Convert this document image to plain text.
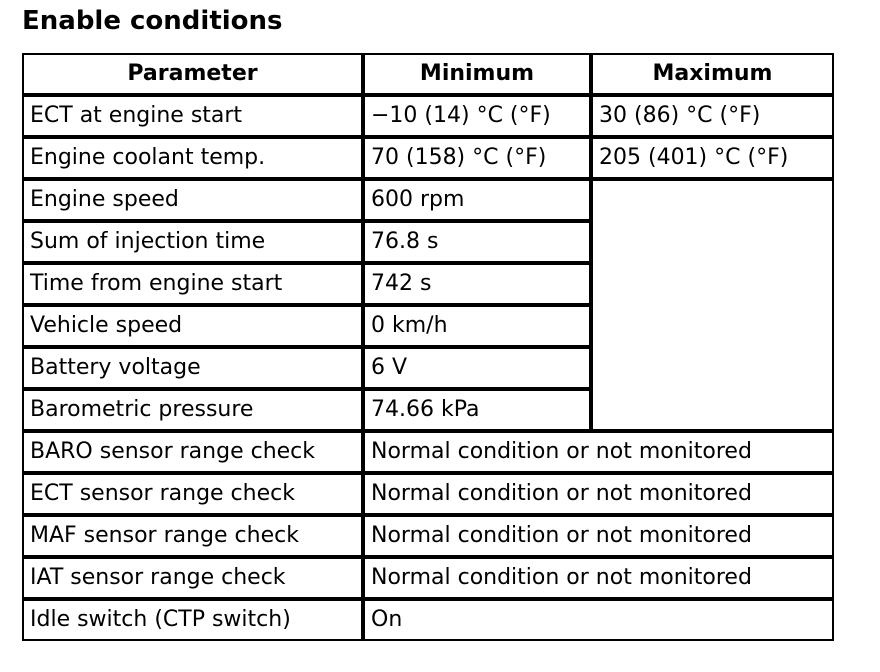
Enable conditions
Parameter	Minimum	Maximum
ECT at engine start	−10 (14) °C (°F)	30 (86) °C (°F)
Engine coolant temp.	70 (158) °C (°F)	205 (401) °C (°F)
Engine speed	600 rpm	
Sum of injection time	76.8 s	
Time from engine start	742 s	
Vehicle speed	0 km/h	
Battery voltage	6 V	
Barometric pressure	74.66 kPa	
BARO sensor range check	Normal condition or not monitored	
ECT sensor range check	Normal condition or not monitored	
MAF sensor range check	Normal condition or not monitored	
IAT sensor range check	Normal condition or not monitored	
Idle switch (CTP switch)	On	
